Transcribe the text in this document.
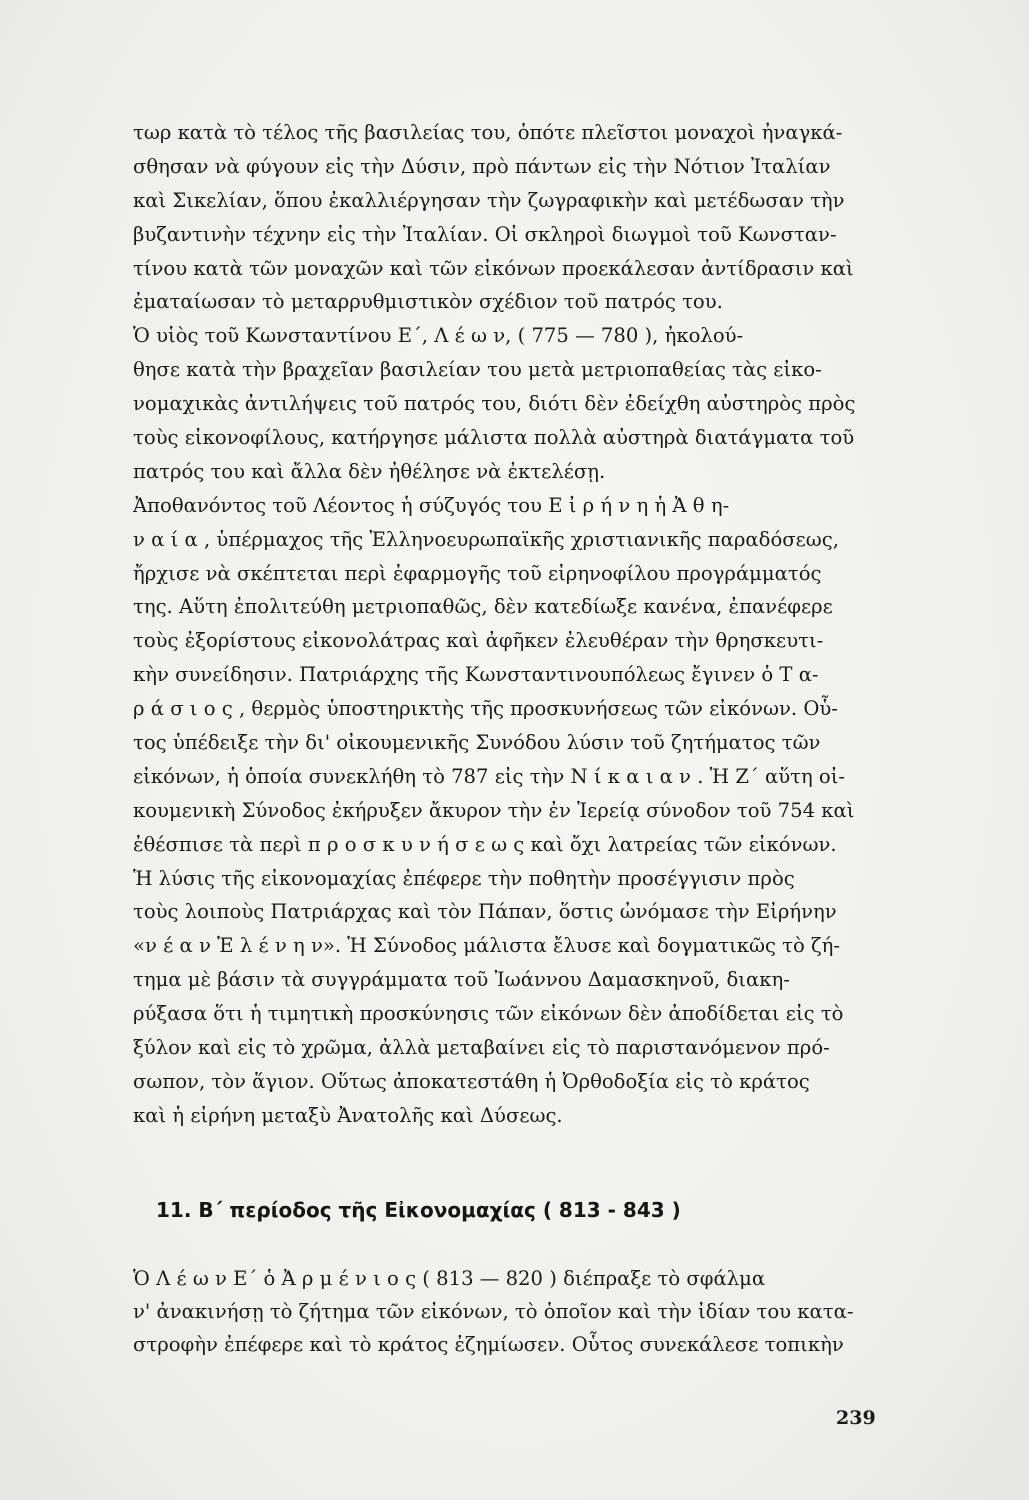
τωρ κατὰ τὸ τέλος τῆς βασιλείας του, ὁπότε πλεῖστοι μοναχοὶ ἠναγκά-
σθησαν νὰ φύγουν εἰς τὴν Δύσιν, πρὸ πάντων εἰς τὴν Νότιον Ἰταλίαν
καὶ Σικελίαν, ὅπου ἐκαλλιέργησαν τὴν ζωγραφικὴν καὶ μετέδωσαν τὴν
βυζαντινὴν τέχνην εἰς τὴν Ἰταλίαν. Οἱ σκληροὶ διωγμοὶ τοῦ Κωνσταν-
τίνου κατὰ τῶν μοναχῶν καὶ τῶν εἰκόνων προεκάλεσαν ἀντίδρασιν καὶ
ἐματαίωσαν τὸ μεταρρυθμιστικὸν σχέδιον τοῦ πατρός του.
Ὁ υἱὸς τοῦ Κωνσταντίνου Ε΄, Λ έ ω ν, ( 775 — 780 ), ἠκολού-
θησε κατὰ τὴν βραχεῖαν βασιλείαν του μετὰ μετριοπαθείας τὰς εἰκο-
νομαχικὰς ἀντιλήψεις τοῦ πατρός του, διότι δὲν ἐδείχθη αὐστηρὸς πρὸς
τοὺς εἰκονοφίλους, κατήργησε μάλιστα πολλὰ αὐστηρὰ διατάγματα τοῦ
πατρός του καὶ ἄλλα δὲν ἠθέλησε νὰ ἐκτελέσῃ.
Ἀποθανόντος τοῦ Λέοντος ἡ σύζυγός του Ε ἰ ρ ή ν η ἡ Ἀ θ η-
ν α ί α , ὑπέρμαχος τῆς Ἑλληνοευρωπαϊκῆς χριστιανικῆς παραδόσεως,
ἤρχισε νὰ σκέπτεται περὶ ἐφαρμογῆς τοῦ εἰρηνοφίλου προγράμματός
της. Αὕτη ἐπολιτεύθη μετριοπαθῶς, δὲν κατεδίωξε κανένα, ἐπανέφερε
τοὺς ἐξορίστους εἰκονολάτρας καὶ ἀφῆκεν ἐλευθέραν τὴν θρησκευτι-
κὴν συνείδησιν. Πατριάρχης τῆς Κωνσταντινουπόλεως ἔγινεν ὁ Τ α-
ρ ά σ ι ο ς , θερμὸς ὑποστηρικτὴς τῆς προσκυνήσεως τῶν εἰκόνων. Οὗ-
τος ὑπέδειξε τὴν δι' οἰκουμενικῆς Συνόδου λύσιν τοῦ ζητήματος τῶν
εἰκόνων, ἡ ὁποία συνεκλήθη τὸ 787 εἰς τὴν Ν ί κ α ι α ν . Ἡ Ζ΄ αὕτη οἰ-
κουμενικὴ Σύνοδος ἐκήρυξεν ἄκυρον τὴν ἐν Ἱερείᾳ σύνοδον τοῦ 754 καὶ
ἐθέσπισε τὰ περὶ π ρ ο σ κ υ ν ή σ ε ω ς καὶ ὄχι λατρείας τῶν εἰκόνων.
Ἡ λύσις τῆς εἰκονομαχίας ἐπέφερε τὴν ποθητὴν προσέγγισιν πρὸς
τοὺς λοιποὺς Πατριάρχας καὶ τὸν Πάπαν, ὅστις ὠνόμασε τὴν Εἰρήνην
«ν έ α ν Ἑ λ έ ν η ν». Ἡ Σύνοδος μάλιστα ἔλυσε καὶ δογματικῶς τὸ ζή-
τημα μὲ βάσιν τὰ συγγράμματα τοῦ Ἰωάννου Δαμασκηνοῦ, διακη-
ρύξασα ὅτι ἡ τιμητικὴ προσκύνησις τῶν εἰκόνων δὲν ἀποδίδεται εἰς τὸ
ξύλον καὶ εἰς τὸ χρῶμα, ἀλλὰ μεταβαίνει εἰς τὸ παριστανόμενον πρό-
σωπον, τὸν ἅγιον. Οὕτως ἀποκατεστάθη ἡ Ὀρθοδοξία εἰς τὸ κράτος
καὶ ἡ εἰρήνη μεταξὺ Ἀνατολῆς καὶ Δύσεως.
11. Β΄ περίοδος τῆς Εἰκονομαχίας ( 813 - 843 )
Ὁ Λ έ ω ν Ε΄ ὁ Ἀ ρ μ έ ν ι ο ς ( 813 — 820 ) διέπραξε τὸ σφάλμα
ν' ἀνακινήσῃ τὸ ζήτημα τῶν εἰκόνων, τὸ ὁποῖον καὶ τὴν ἰδίαν του κατα-
στροφὴν ἐπέφερε καὶ τὸ κράτος ἐζημίωσεν. Οὗτος συνεκάλεσε τοπικὴν
239
